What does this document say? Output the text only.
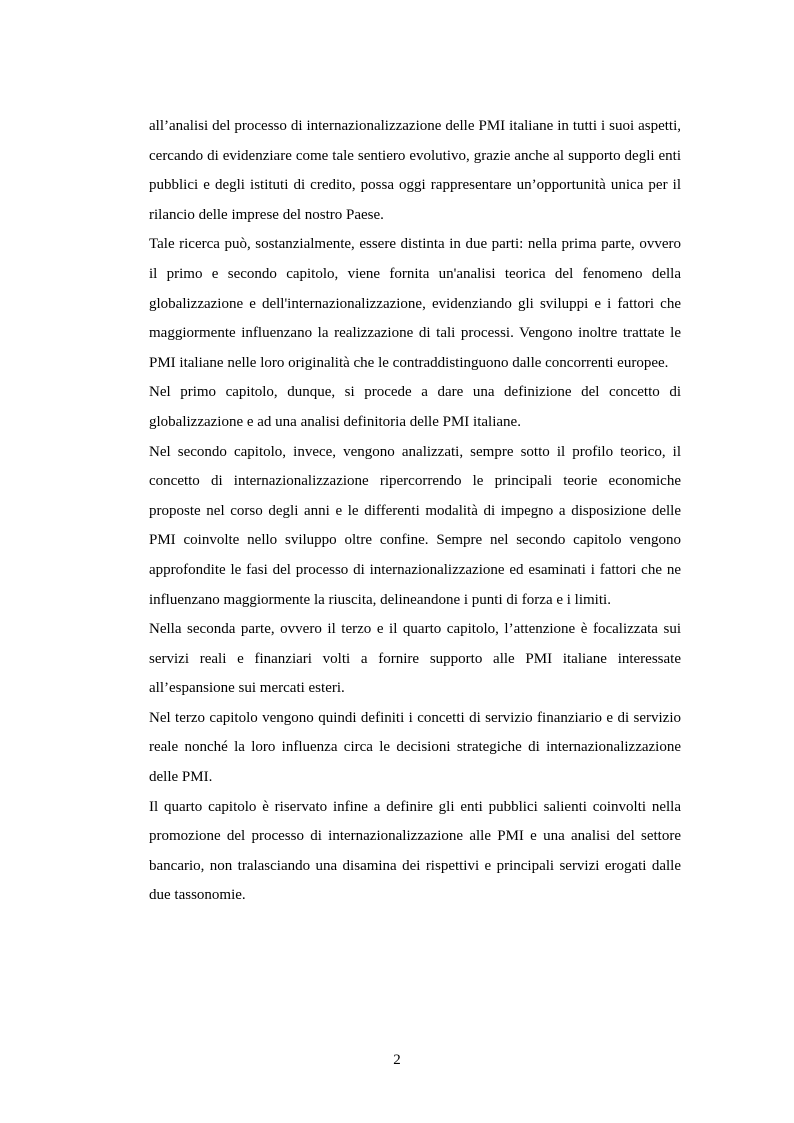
all’analisi del processo di internazionalizzazione delle PMI italiane in tutti i suoi aspetti, cercando di evidenziare come tale sentiero evolutivo, grazie anche al supporto degli enti pubblici e degli istituti di credito, possa oggi rappresentare un’opportunità unica per il rilancio delle imprese del nostro Paese.

Tale ricerca può, sostanzialmente, essere distinta in due parti: nella prima parte, ovvero il primo e secondo capitolo, viene fornita un'analisi teorica del fenomeno della globalizzazione e dell'internazionalizzazione, evidenziando gli sviluppi e i fattori che maggiormente influenzano la realizzazione di tali processi. Vengono inoltre trattate le PMI italiane nelle loro originalità che le contraddistinguono dalle concorrenti europee.

Nel primo capitolo, dunque, si procede a dare una definizione del concetto di globalizzazione e ad una analisi definitoria delle PMI italiane.

Nel secondo capitolo, invece, vengono analizzati, sempre sotto il profilo teorico, il concetto di internazionalizzazione ripercorrendo le principali teorie economiche proposte nel corso degli anni e le differenti modalità di impegno a disposizione delle PMI coinvolte nello sviluppo oltre confine. Sempre nel secondo capitolo vengono approfondite le fasi del processo di internazionalizzazione ed esaminati i fattori che ne influenzano maggiormente la riuscita, delineandone i punti di forza e i limiti.

Nella seconda parte, ovvero il terzo e il quarto capitolo, l’attenzione è focalizzata sui servizi reali e finanziari volti a fornire supporto alle PMI italiane interessate all’espansione sui mercati esteri.

Nel terzo capitolo vengono quindi definiti i concetti di servizio finanziario e di servizio reale nonché la loro influenza circa le decisioni strategiche di internazionalizzazione delle PMI.

Il quarto capitolo è riservato infine a definire gli enti pubblici salienti coinvolti nella promozione del processo di internazionalizzazione alle PMI e una analisi del settore bancario, non tralasciando una disamina dei rispettivi e principali servizi erogati dalle due tassonomie.

2
